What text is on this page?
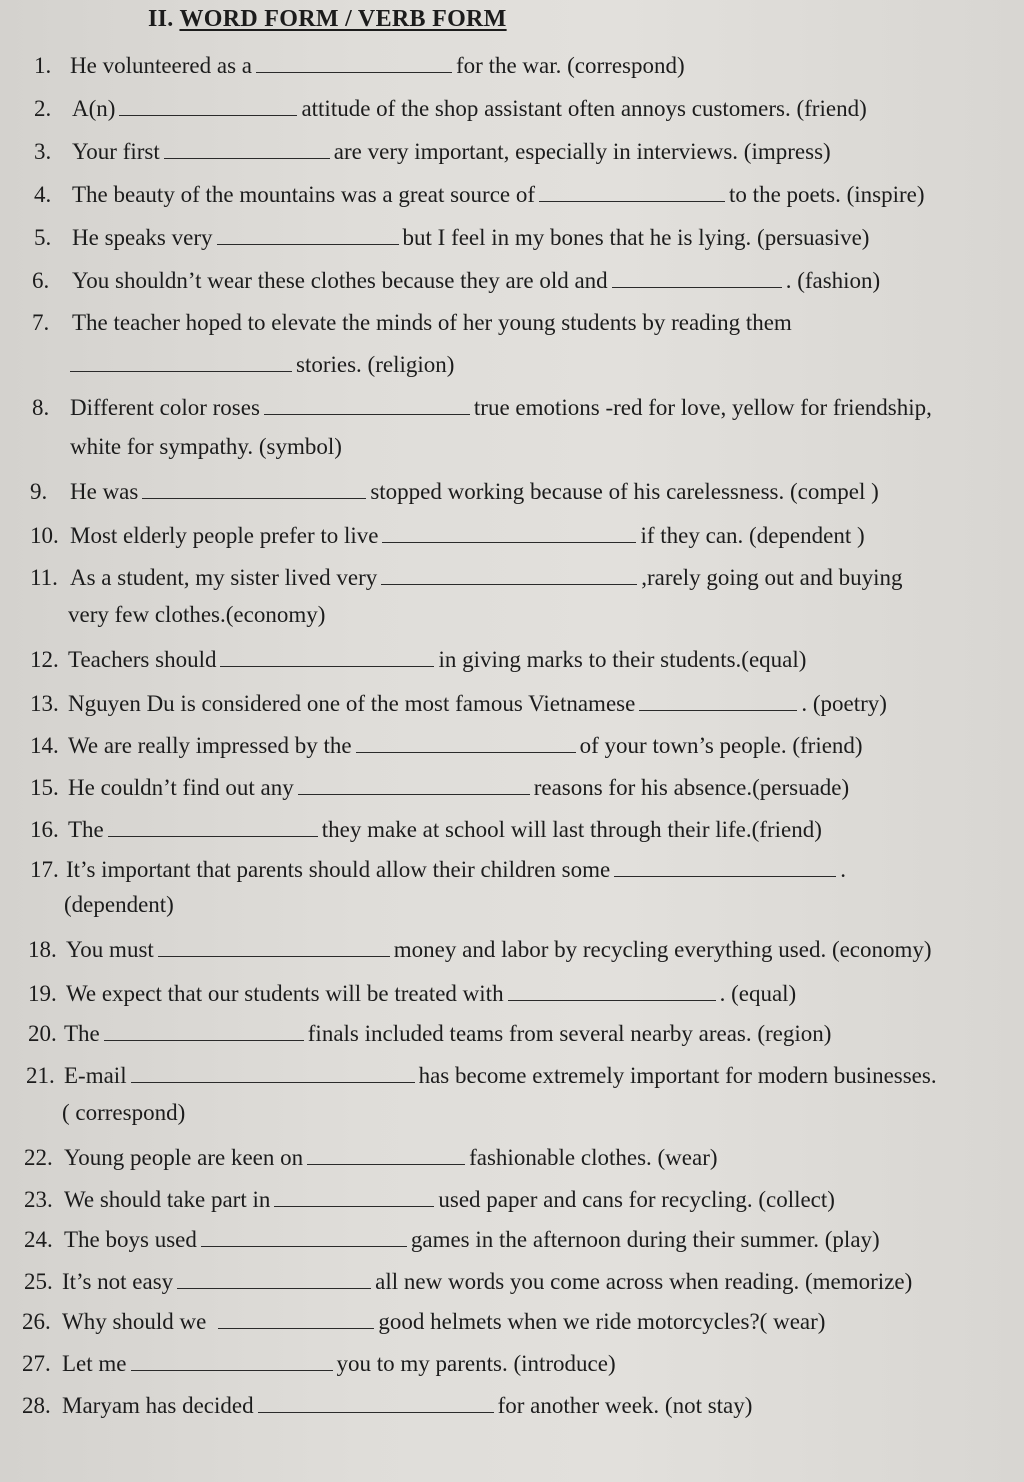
II. WORD FORM / VERB FORM
1. He volunteered as a	for the war. (correspond)
2. A(n)	attitude of the shop assistant often annoys customers. (friend)
3. Your first	are very important, especially in interviews. (impress)
4. The beauty of the mountains was a great source of	to the poets. (inspire)
5. He speaks very	but I feel in my bones that he is lying. (persuasive)
6. You shouldn’t wear these clothes because they are old and	. (fashion)
7. The teacher hoped to elevate the minds of her young students by reading them
stories. (religion)
8. Different color roses	true emotions -red for love, yellow for friendship,
white for sympathy. (symbol)
9. He was	stopped working because of his carelessness. (compel )
10. Most elderly people prefer to live	if they can. (dependent )
11. As a student, my sister lived very	,rarely going out and buying
very few clothes.(economy)
12. Teachers should	in giving marks to their students.(equal)
13. Nguyen Du is considered one of the most famous Vietnamese	. (poetry)
14. We are really impressed by the	of your town’s people. (friend)
15. He couldn’t find out any	reasons for his absence.(persuade)
16. The	they make at school will last through their life.(friend)
17. It’s important that parents should allow their children some	.
(dependent)
18. You must	money and labor by recycling everything used. (economy)
19. We expect that our students will be treated with	. (equal)
20. The	finals included teams from several nearby areas. (region)
21. E-mail	has become extremely important for modern businesses.
( correspond)
22. Young people are keen on	fashionable clothes. (wear)
23. We should take part in	used paper and cans for recycling. (collect)
24. The boys used	games in the afternoon during their summer. (play)
25. It’s not easy	all new words you come across when reading. (memorize)
26. Why should we	good helmets when we ride motorcycles?( wear)
27. Let me	you to my parents. (introduce)
28. Maryam has decided	for another week. (not stay)
